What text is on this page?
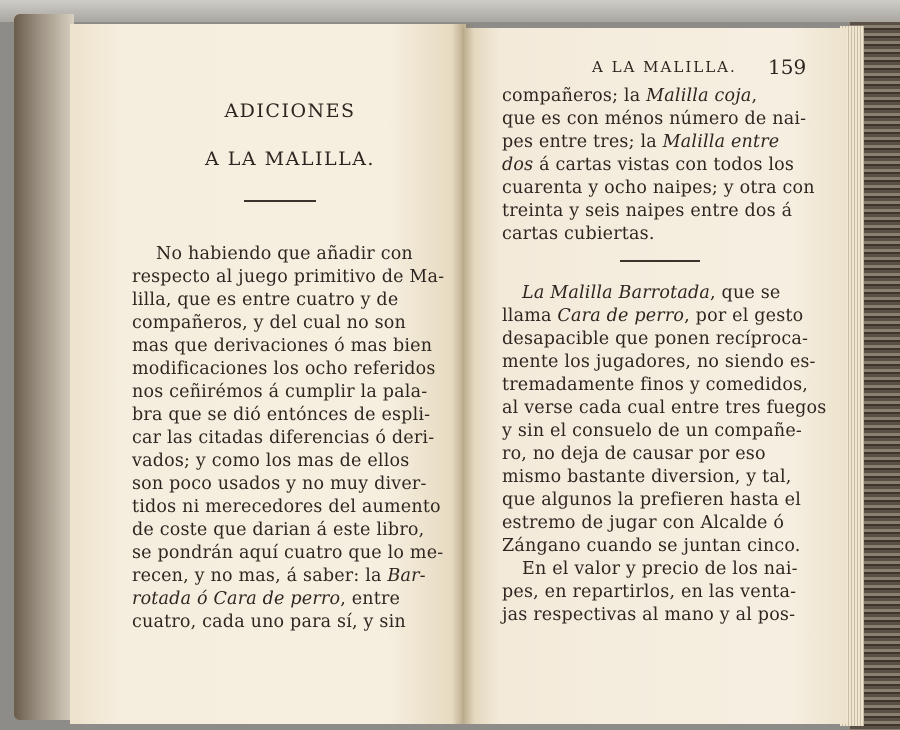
ADICIONES
A LA MALILLA.
No habiendo que añadir con
respecto al juego primitivo de Ma-
lilla, que es entre cuatro y de
compañeros, y del cual no son
mas que derivaciones ó mas bien
modificaciones los ocho referidos
nos ceñirémos á cumplir la pala-
bra que se dió entónces de espli-
car las citadas diferencias ó deri-
vados; y como los mas de ellos
son poco usados y no muy diver-
tidos ni merecedores del aumento
de coste que darian á este libro,
se pondrán aquí cuatro que lo me-
recen, y no mas, á saber: la Bar-
rotada ó Cara de perro, entre
cuatro, cada uno para sí, y sin
A LA MALILLA. 159
compañeros; la Malilla coja,
que es con ménos número de nai-
pes entre tres; la Malilla entre
dos á cartas vistas con todos los
cuarenta y ocho naipes; y otra con
treinta y seis naipes entre dos á
cartas cubiertas.
La Malilla Barrotada, que se
llama Cara de perro, por el gesto
desapacible que ponen recíproca-
mente los jugadores, no siendo es-
tremadamente finos y comedidos,
al verse cada cual entre tres fuegos
y sin el consuelo de un compañe-
ro, no deja de causar por eso
mismo bastante diversion, y tal,
que algunos la prefieren hasta el
estremo de jugar con Alcalde ó
Zángano cuando se juntan cinco.
En el valor y precio de los nai-
pes, en repartirlos, en las venta-
jas respectivas al mano y al pos-
